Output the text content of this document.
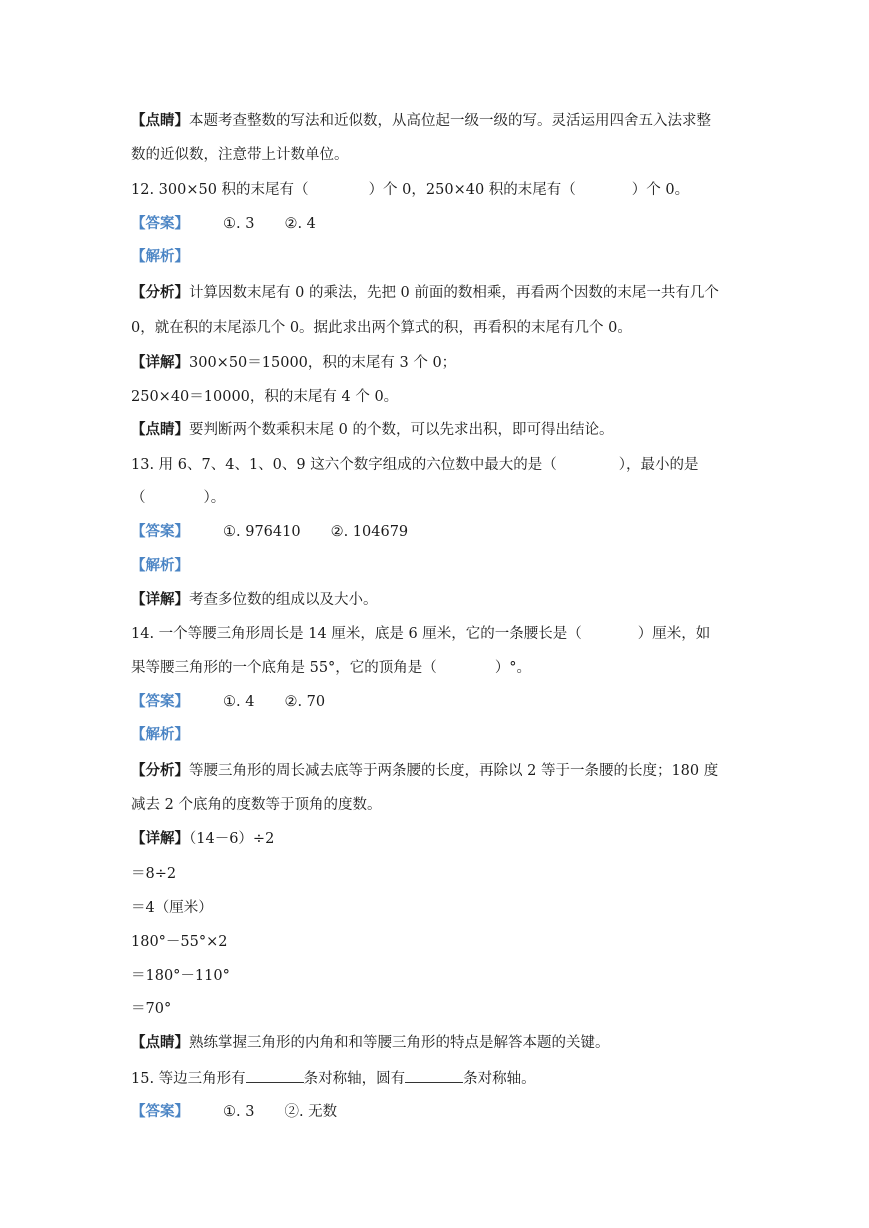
【点睛】本题考查整数的写法和近似数，从高位起一级一级的写。灵活运用四舍五入法求整
数的近似数，注意带上计数单位。
12. 300×50 积的末尾有（	）个 0，250×40 积的末尾有（	）个 0。
【答案】 ①. 3 ②. 4
【解析】
【分析】计算因数末尾有 0 的乘法，先把 0 前面的数相乘，再看两个因数的末尾一共有几个
0，就在积的末尾添几个 0。据此求出两个算式的积，再看积的末尾有几个 0。
【详解】300×50＝15000，积的末尾有 3 个 0；
250×40＝10000，积的末尾有 4 个 0。
【点睛】要判断两个数乘积末尾 0 的个数，可以先求出积，即可得出结论。
13. 用 6、7、4、1、0、9 这六个数字组成的六位数中最大的是（	），最小的是
（	）。
【答案】 ①. 976410 ②. 104679
【解析】
【详解】考查多位数的组成以及大小。
14. 一个等腰三角形周长是 14 厘米，底是 6 厘米，它的一条腰长是（	）厘米，如
果等腰三角形的一个底角是 55°，它的顶角是（	）°。
【答案】 ①. 4 ②. 70
【解析】
【分析】等腰三角形的周长减去底等于两条腰的长度，再除以 2 等于一条腰的长度；180 度
减去 2 个底角的度数等于顶角的度数。
【详解】（14－6）÷2
＝8÷2
＝4（厘米）
180°－55°×2
＝180°－110°
＝70°
【点睛】熟练掌握三角形的内角和和等腰三角形的特点是解答本题的关键。
15. 等边三角形有	条对称轴，圆有	条对称轴。
【答案】 ①. 3 ②. 无数
